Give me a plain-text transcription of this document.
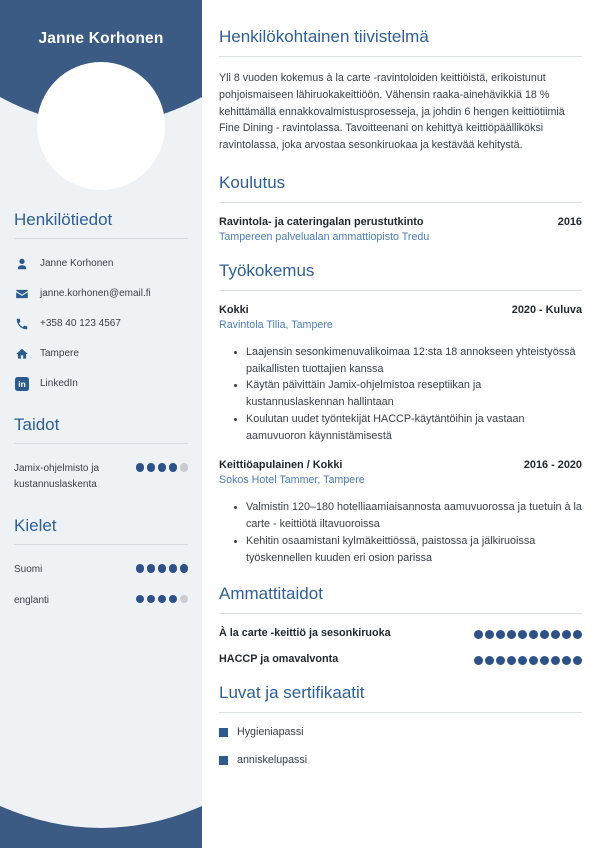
Janne Korhonen
Henkilötiedot
Janne Korhonen
janne.korhonen@email.fi
+358 40 123 4567
Tampere
in	LinkedIn
Taidot
Jamix-ohjelmisto ja kustannuslaskenta
Kielet
Suomi
englanti
Henkilökohtainen tiivistelmä

Yli 8 vuoden kokemus à la carte -ravintoloiden keittiöistä, erikoistunut pohjoismaiseen lähiruokakeittiöön. Vähensin raaka-ainehävikkiä 18 % kehittämällä ennakkovalmistusprosesseja, ja johdin 6 hengen keittiötiimiä Fine Dining - ravintolassa. Tavoitteenani on kehittyä keittiöpäälliköksi ravintolassa, joka arvostaa sesonkiruokaa ja kestävää kehitystä.

Koulutus
Ravintola- ja cateringalan perustutkinto	2016
Tampereen palvelualan ammattiopisto Tredu
Työkokemus
Kokki	2020 - Kuluva
Ravintola Tilia, Tampere
• Laajensin sesonkimenuvalikoimaa 12:sta 18 annokseen yhteistyössä paikallisten tuottajien kanssa
• Käytän päivittäin Jamix-ohjelmistoa reseptiikan ja kustannuslaskennan hallintaan
• Koulutan uudet työntekijät HACCP-käytäntöihin ja vastaan aamuvuoron käynnistämisestä
Keittiöapulainen / Kokki	2016 - 2020
Sokos Hotel Tammer, Tampere
• Valmistin 120–180 hotelliaamiaisannosta aamuvuorossa ja tuetuin à la carte - keittiötä iltavuoroissa
• Kehitin osaamistani kylmäkeittiössä, paistossa ja jälkiruoissa työskennellen kuuden eri osion parissa
Ammattitaidot
À la carte -keittiö ja sesonkiruoka
HACCP ja omavalvonta
Luvat ja sertifikaatit
Hygieniapassi
anniskelupassi
